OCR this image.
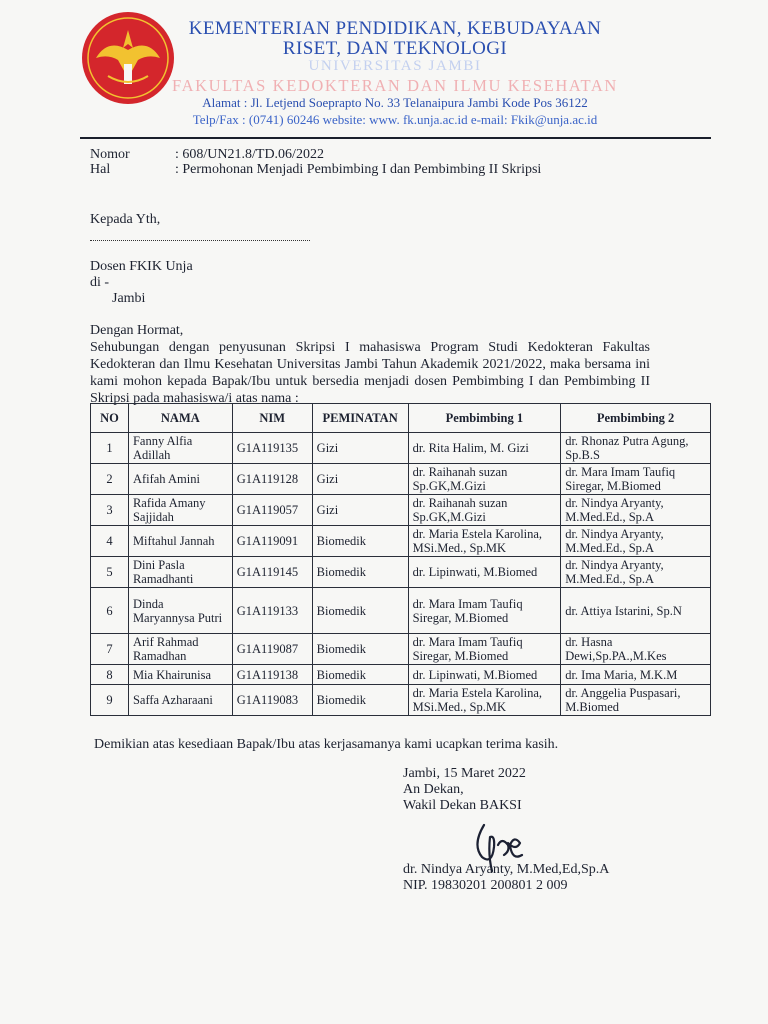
KEMENTERIAN PENDIDIKAN, KEBUDAYAAN
RISET, DAN TEKNOLOGI
UNIVERSITAS JAMBI
FAKULTAS KEDOKTERAN DAN ILMU KESEHATAN
Alamat : Jl. Letjend Soeprapto No. 33 Telanaipura Jambi Kode Pos 36122
Telp/Fax : (0741) 60246 website: www. fk.unja.ac.id e-mail: Fkik@unja.ac.id
Nomor	: 608/UN21.8/TD.06/2022
Hal	: Permohonan Menjadi Pembimbing I dan Pembimbing II Skripsi
Kepada Yth,
Dosen FKIK Unja
di -
Jambi
Dengan Hormat,
Sehubungan dengan penyusunan Skripsi I mahasiswa Program Studi Kedokteran Fakultas Kedokteran dan Ilmu Kesehatan Universitas Jambi Tahun Akademik 2021/2022, maka bersama ini kami mohon kepada Bapak/Ibu untuk bersedia menjadi dosen Pembimbing I dan Pembimbing II Skripsi pada mahasiswa/i atas nama :
NO	NAMA	NIM	PEMINATAN	Pembimbing 1	Pembimbing 2
1	Fanny Alfia Adillah	G1A119135	Gizi	dr. Rita Halim, M. Gizi	dr. Rhonaz Putra Agung, Sp.B.S
2	Afifah Amini	G1A119128	Gizi	dr. Raihanah suzan Sp.GK,M.Gizi	dr. Mara Imam Taufiq Siregar, M.Biomed
3	Rafida Amany Sajjidah	G1A119057	Gizi	dr. Raihanah suzan Sp.GK,M.Gizi	dr. Nindya Aryanty, M.Med.Ed., Sp.A
4	Miftahul Jannah	G1A119091	Biomedik	dr. Maria Estela Karolina, MSi.Med., Sp.MK	dr. Nindya Aryanty, M.Med.Ed., Sp.A
5	Dini Pasla Ramadhanti	G1A119145	Biomedik	dr. Lipinwati, M.Biomed	dr. Nindya Aryanty, M.Med.Ed., Sp.A
6	Dinda Maryannysa Putri	G1A119133	Biomedik	dr. Mara Imam Taufiq Siregar, M.Biomed	dr. Attiya Istarini, Sp.N
7	Arif Rahmad Ramadhan	G1A119087	Biomedik	dr. Mara Imam Taufiq Siregar, M.Biomed	dr. Hasna Dewi,Sp.PA.,M.Kes
8	Mia Khairunisa	G1A119138	Biomedik	dr. Lipinwati, M.Biomed	dr. Ima Maria, M.K.M
9	Saffa Azharaani	G1A119083	Biomedik	dr. Maria Estela Karolina, MSi.Med., Sp.MK	dr. Anggelia Puspasari, M.Biomed
Demikian atas kesediaan Bapak/Ibu atas kerjasamanya kami ucapkan terima kasih.
Jambi, 15 Maret 2022
An Dekan,
Wakil Dekan BAKSI
dr. Nindya Aryanty, M.Med,Ed,Sp.A
NIP. 19830201 200801 2 009
